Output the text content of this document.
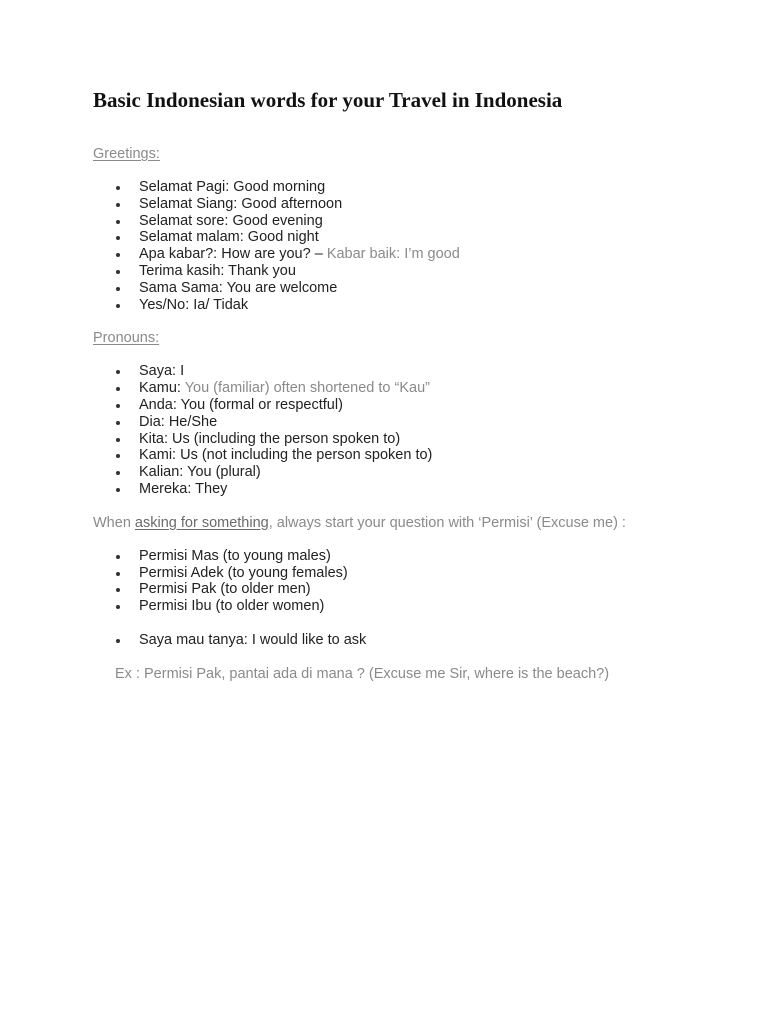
Basic Indonesian words for your Travel in Indonesia
Greetings:
Selamat Pagi: Good morning
Selamat Siang: Good afternoon
Selamat sore: Good evening
Selamat malam: Good night
Apa kabar?: How are you? – Kabar baik: I’m good
Terima kasih: Thank you
Sama Sama: You are welcome
Yes/No: Ia/ Tidak
Pronouns:
Saya: I
Kamu: You (familiar) often shortened to “Kau”
Anda: You (formal or respectful)
Dia: He/She
Kita: Us (including the person spoken to)
Kami: Us (not including the person spoken to)
Kalian: You (plural)
Mereka: They
When asking for something, always start your question with ‘Permisi’ (Excuse me) :
Permisi Mas (to young males)
Permisi Adek (to young females)
Permisi Pak (to older men)
Permisi Ibu (to older women)
Saya mau tanya: I would like to ask
Ex : Permisi Pak, pantai ada di mana ? (Excuse me Sir, where is the beach?)
